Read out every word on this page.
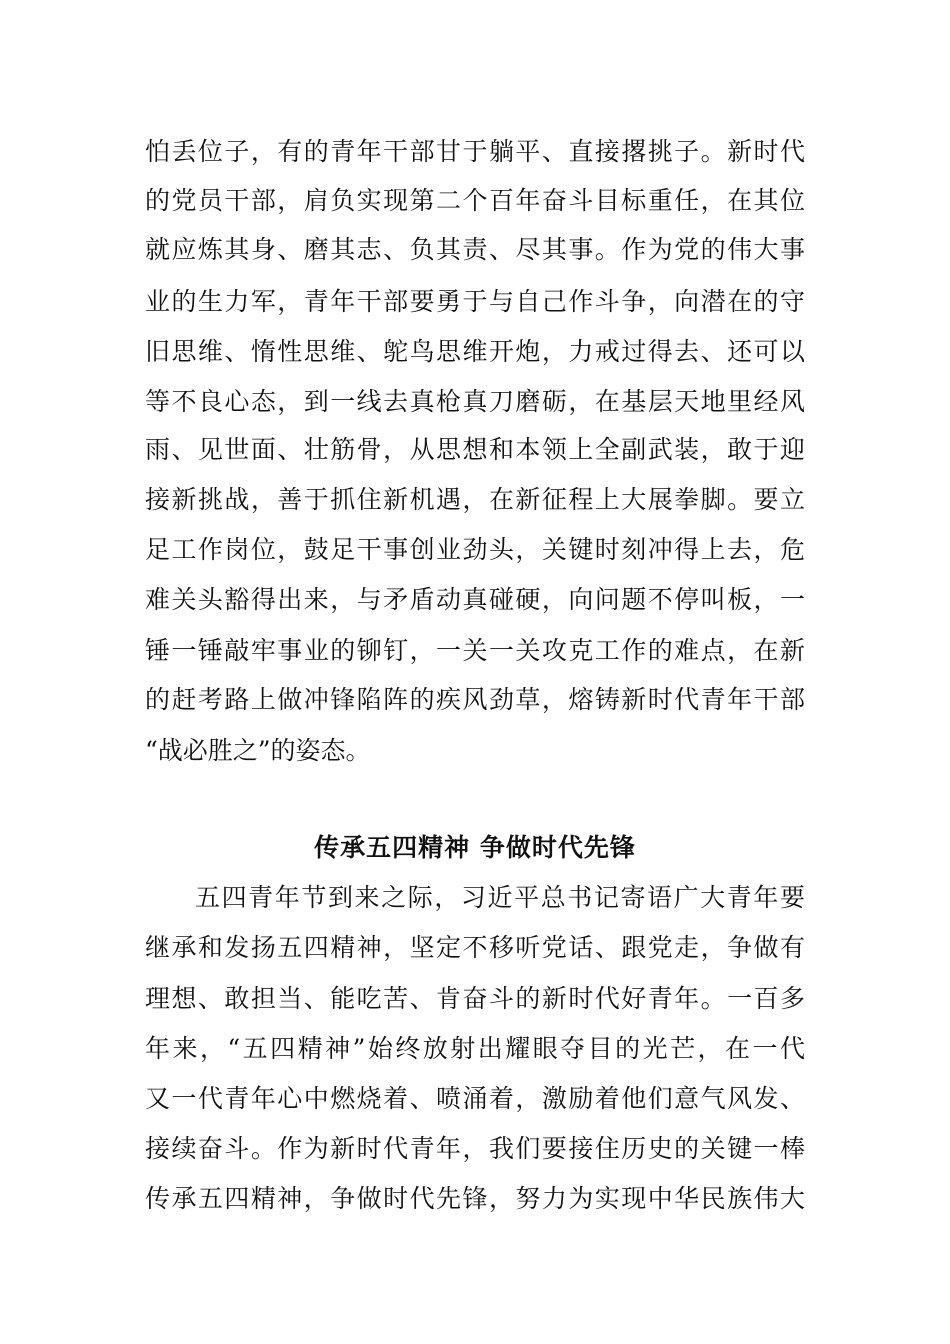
怕丢位子，有的青年干部甘于躺平、直接撂挑子。新时代
的党员干部，肩负实现第二个百年奋斗目标重任，在其位
就应炼其身、磨其志、负其责、尽其事。作为党的伟大事
业的生力军，青年干部要勇于与自己作斗争，向潜在的守
旧思维、惰性思维、鸵鸟思维开炮，力戒过得去、还可以
等不良心态，到一线去真枪真刀磨砺，在基层天地里经风
雨、见世面、壮筋骨，从思想和本领上全副武装，敢于迎
接新挑战，善于抓住新机遇，在新征程上大展拳脚。要立
足工作岗位，鼓足干事创业劲头，关键时刻冲得上去，危
难关头豁得出来，与矛盾动真碰硬，向问题不停叫板，一
锤一锤敲牢事业的铆钉，一关一关攻克工作的难点，在新
的赶考路上做冲锋陷阵的疾风劲草，熔铸新时代青年干部
“战必胜之”的姿态。
传承五四精神 争做时代先锋
五四青年节到来之际，习近平总书记寄语广大青年要
继承和发扬五四精神，坚定不移听党话、跟党走，争做有
理想、敢担当、能吃苦、肯奋斗的新时代好青年。一百多
年来，“五四精神”始终放射出耀眼夺目的光芒，在一代
又一代青年心中燃烧着、喷涌着，激励着他们意气风发、
接续奋斗。作为新时代青年，我们要接住历史的关键一棒
传承五四精神，争做时代先锋，努力为实现中华民族伟大
